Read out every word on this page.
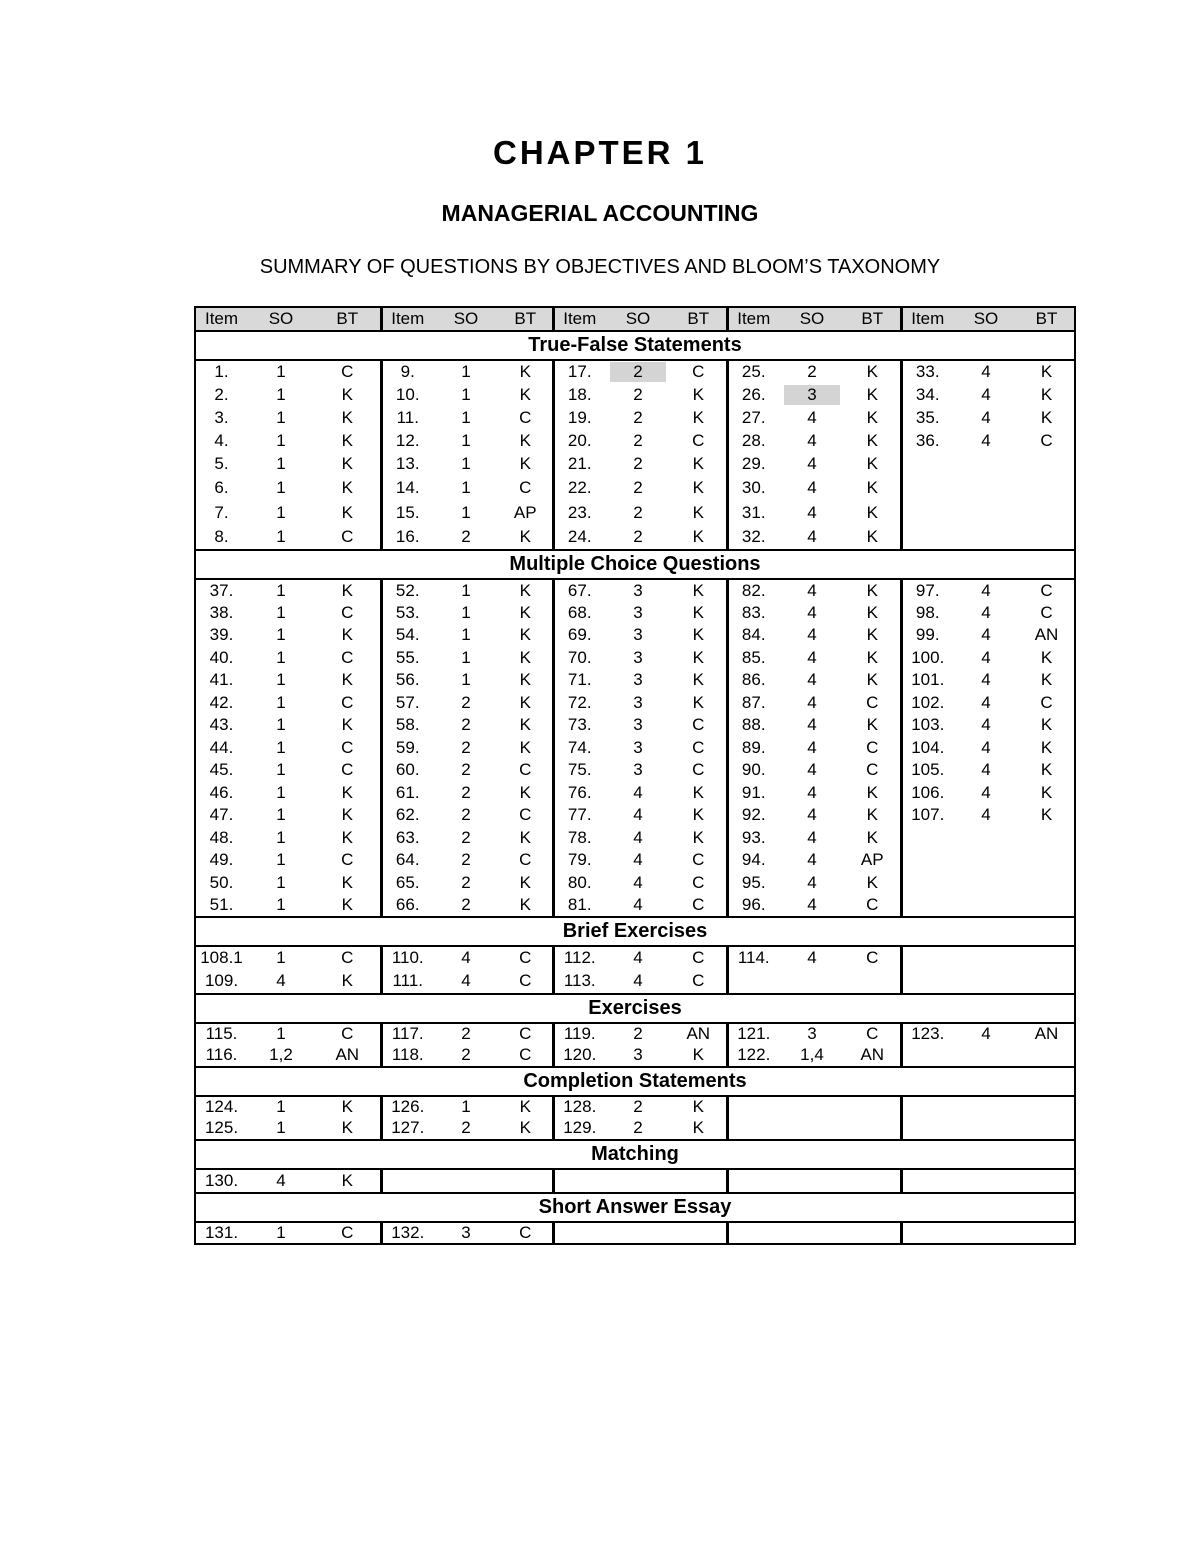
CHAPTER 1
MANAGERIAL ACCOUNTING
SUMMARY OF QUESTIONS BY OBJECTIVES AND BLOOM’S TAXONOMY
Item	SO	BT	Item	SO	BT	Item	SO	BT	Item	SO	BT	Item	SO	BT
True-False Statements														
1.	1	C	9.	1	K	17.	2	C	25.	2	K	33.	4	K
2.	1	K	10.	1	K	18.	2	K	26.	3	K	34.	4	K
3.	1	K	11.	1	C	19.	2	K	27.	4	K	35.	4	K
4.	1	K	12.	1	K	20.	2	C	28.	4	K	36.	4	C
5.	1	K	13.	1	K	21.	2	K	29.	4	K			
6.	1	K	14.	1	C	22.	2	K	30.	4	K			
7.	1	K	15.	1	AP	23.	2	K	31.	4	K			
8.	1	C	16.	2	K	24.	2	K	32.	4	K			
Multiple Choice Questions														
37.	1	K	52.	1	K	67.	3	K	82.	4	K	97.	4	C
38.	1	C	53.	1	K	68.	3	K	83.	4	K	98.	4	C
39.	1	K	54.	1	K	69.	3	K	84.	4	K	99.	4	AN
40.	1	C	55.	1	K	70.	3	K	85.	4	K	100.	4	K
41.	1	K	56.	1	K	71.	3	K	86.	4	K	101.	4	K
42.	1	C	57.	2	K	72.	3	K	87.	4	C	102.	4	C
43.	1	K	58.	2	K	73.	3	C	88.	4	K	103.	4	K
44.	1	C	59.	2	K	74.	3	C	89.	4	C	104.	4	K
45.	1	C	60.	2	C	75.	3	C	90.	4	C	105.	4	K
46.	1	K	61.	2	K	76.	4	K	91.	4	K	106.	4	K
47.	1	K	62.	2	C	77.	4	K	92.	4	K	107.	4	K
48.	1	K	63.	2	K	78.	4	K	93.	4	K			
49.	1	C	64.	2	C	79.	4	C	94.	4	AP			
50.	1	K	65.	2	K	80.	4	C	95.	4	K			
51.	1	K	66.	2	K	81.	4	C	96.	4	C			
Brief Exercises														
108.1	1	C	110.	4	C	112.	4	C	114.	4	C			
109.	4	K	111.	4	C	113.	4	C						
Exercises														
115.	1	C	117.	2	C	119.	2	AN	121.	3	C	123.	4	AN
116.	1,2	AN	118.	2	C	120.	3	K	122.	1,4	AN			
Completion Statements														
124.	1	K	126.	1	K	128.	2	K						
125.	1	K	127.	2	K	129.	2	K						
Matching														
130.	4	K												
Short Answer Essay														
131.	1	C	132.	3	C									
